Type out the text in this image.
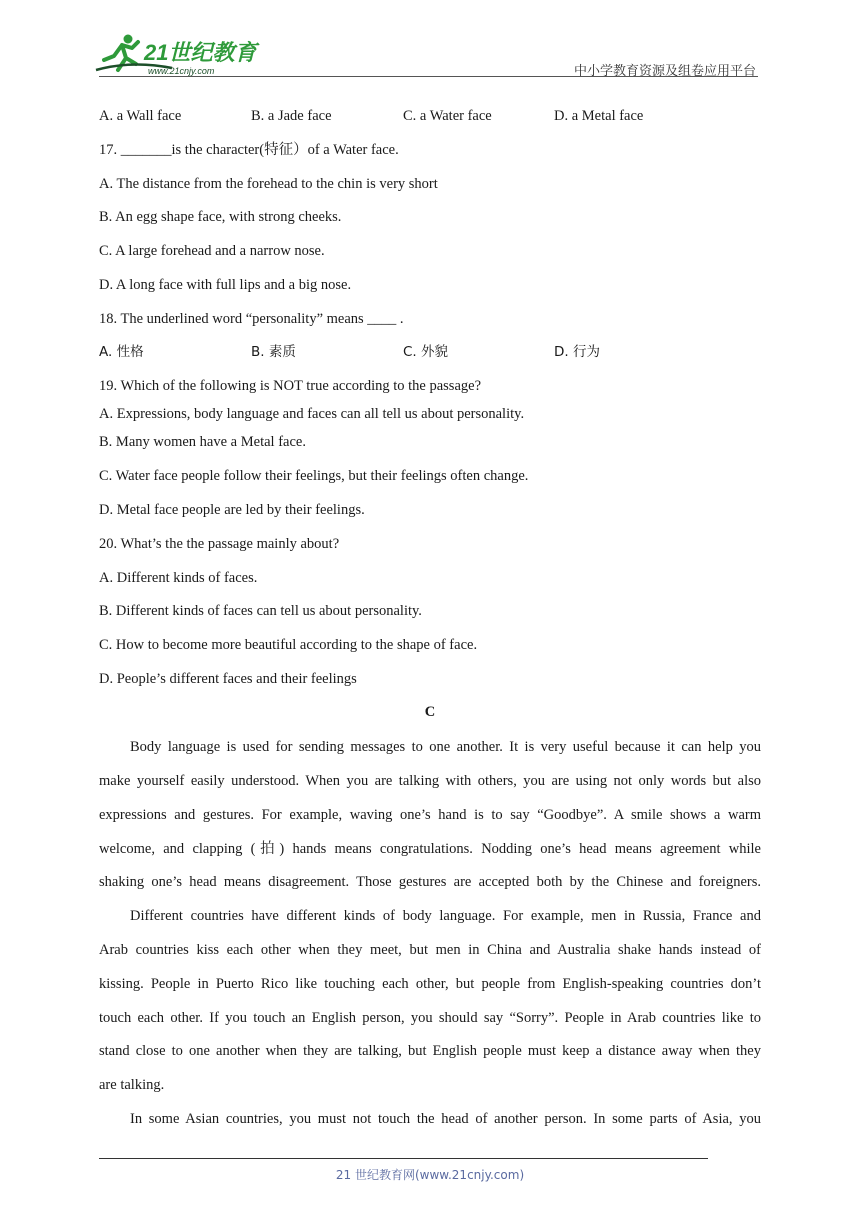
21世纪教育
www.21cnjy.com	中小学教育资源及组卷应用平台
A. a Wall face	B. a Jade face	C. a Water face	D. a Metal face
17. _______is the character(特征）of a Water face.
A. The distance from the forehead to the chin is very short
B. An egg shape face, with strong cheeks.
C. A large forehead and a narrow nose.
D. A long face with full lips and a big nose.
18. The underlined word “personality” means ____ .
A. 性格	B. 素质	C. 外貌	D. 行为
19. Which of the following is NOT true according to the passage?
A. Expressions, body language and faces can all tell us about personality.
B. Many women have a Metal face.
C. Water face people follow their feelings, but their feelings often change.
D. Metal face people are led by their feelings.
20. What’s the the passage mainly about?
A. Different kinds of faces.
B. Different kinds of faces can tell us about personality.
C. How to become more beautiful according to the shape of face.
D. People’s different faces and their feelings
C
Body language is used for sending messages to one another. It is very useful because it can help you
make yourself easily understood. When you are talking with others, you are using not only words but also
expressions and gestures. For example, waving one’s hand is to say “Goodbye”. A smile shows a warm
welcome, and clapping (拍) hands means congratulations. Nodding one’s head means agreement while
shaking one’s head means disagreement. Those gestures are accepted both by the Chinese and foreigners.
Different countries have different kinds of body language. For example, men in Russia, France and
Arab countries kiss each other when they meet, but men in China and Australia shake hands instead of
kissing. People in Puerto Rico like touching each other, but people from English-speaking countries don’t
touch each other. If you touch an English person, you should say “Sorry”. People in Arab countries like to
stand close to one another when they are talking, but English people must keep a distance away when they
are talking.
In some Asian countries, you must not touch the head of another person. In some parts of Asia, you
21 世纪教育网(www.21cnjy.com)
